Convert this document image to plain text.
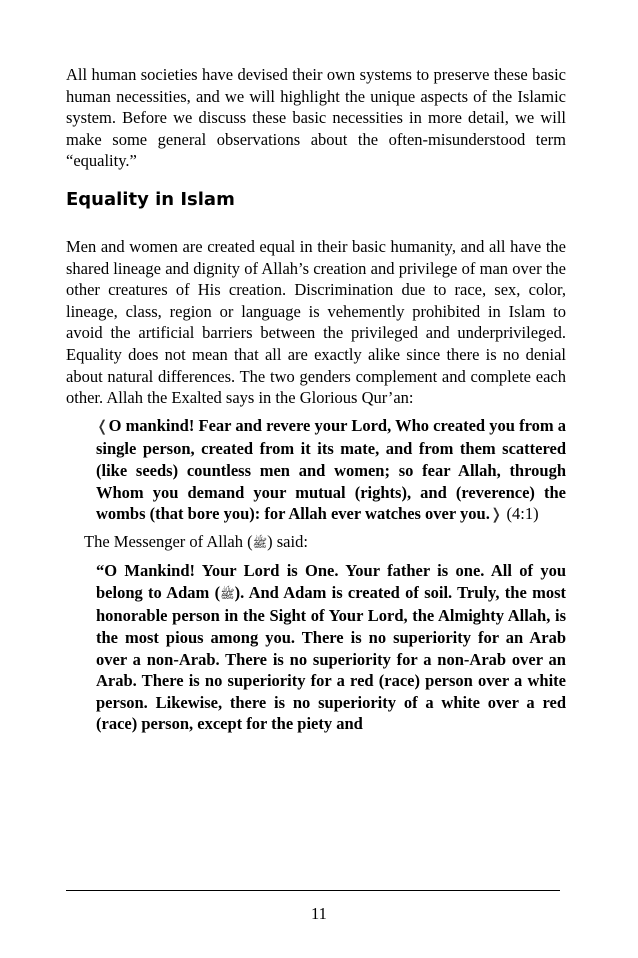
All human societies have devised their own systems to preserve these basic human necessities, and we will highlight the unique aspects of the Islamic system. Before we discuss these basic necessities in more detail, we will make some general observations about the often-misunderstood term “equality.”

Equality in Islam

Men and women are created equal in their basic humanity, and all have the shared lineage and dignity of Allah’s creation and privilege of man over the other creatures of His creation. Discrimination due to race, sex, color, lineage, class, region or language is vehemently prohibited in Islam to avoid the artificial barriers between the privileged and underprivileged. Equality does not mean that all are exactly alike since there is no denial about natural differences. The two genders complement and complete each other. Allah the Exalted says in the Glorious Qur’an:

❬O mankind! Fear and revere your Lord, Who created you from a single person, created from it its mate, and from them scattered (like seeds) countless men and women; so fear Allah, through Whom you demand your mutual (rights), and (reverence) the wombs (that bore you): for Allah ever watches over you.❭ (4:1)

The Messenger of Allah (ﷺ) said:

“O Mankind! Your Lord is One. Your father is one. All of you belong to Adam (ﷺ). And Adam is created of soil. Truly, the most honorable person in the Sight of Your Lord, the Almighty Allah, is the most pious among you. There is no superiority for an Arab over a non-Arab. There is no superiority for a non-Arab over an Arab. There is no superiority for a red (race) person over a white person. Likewise, there is no superiority of a white over a red (race) person, except for the piety and

11
